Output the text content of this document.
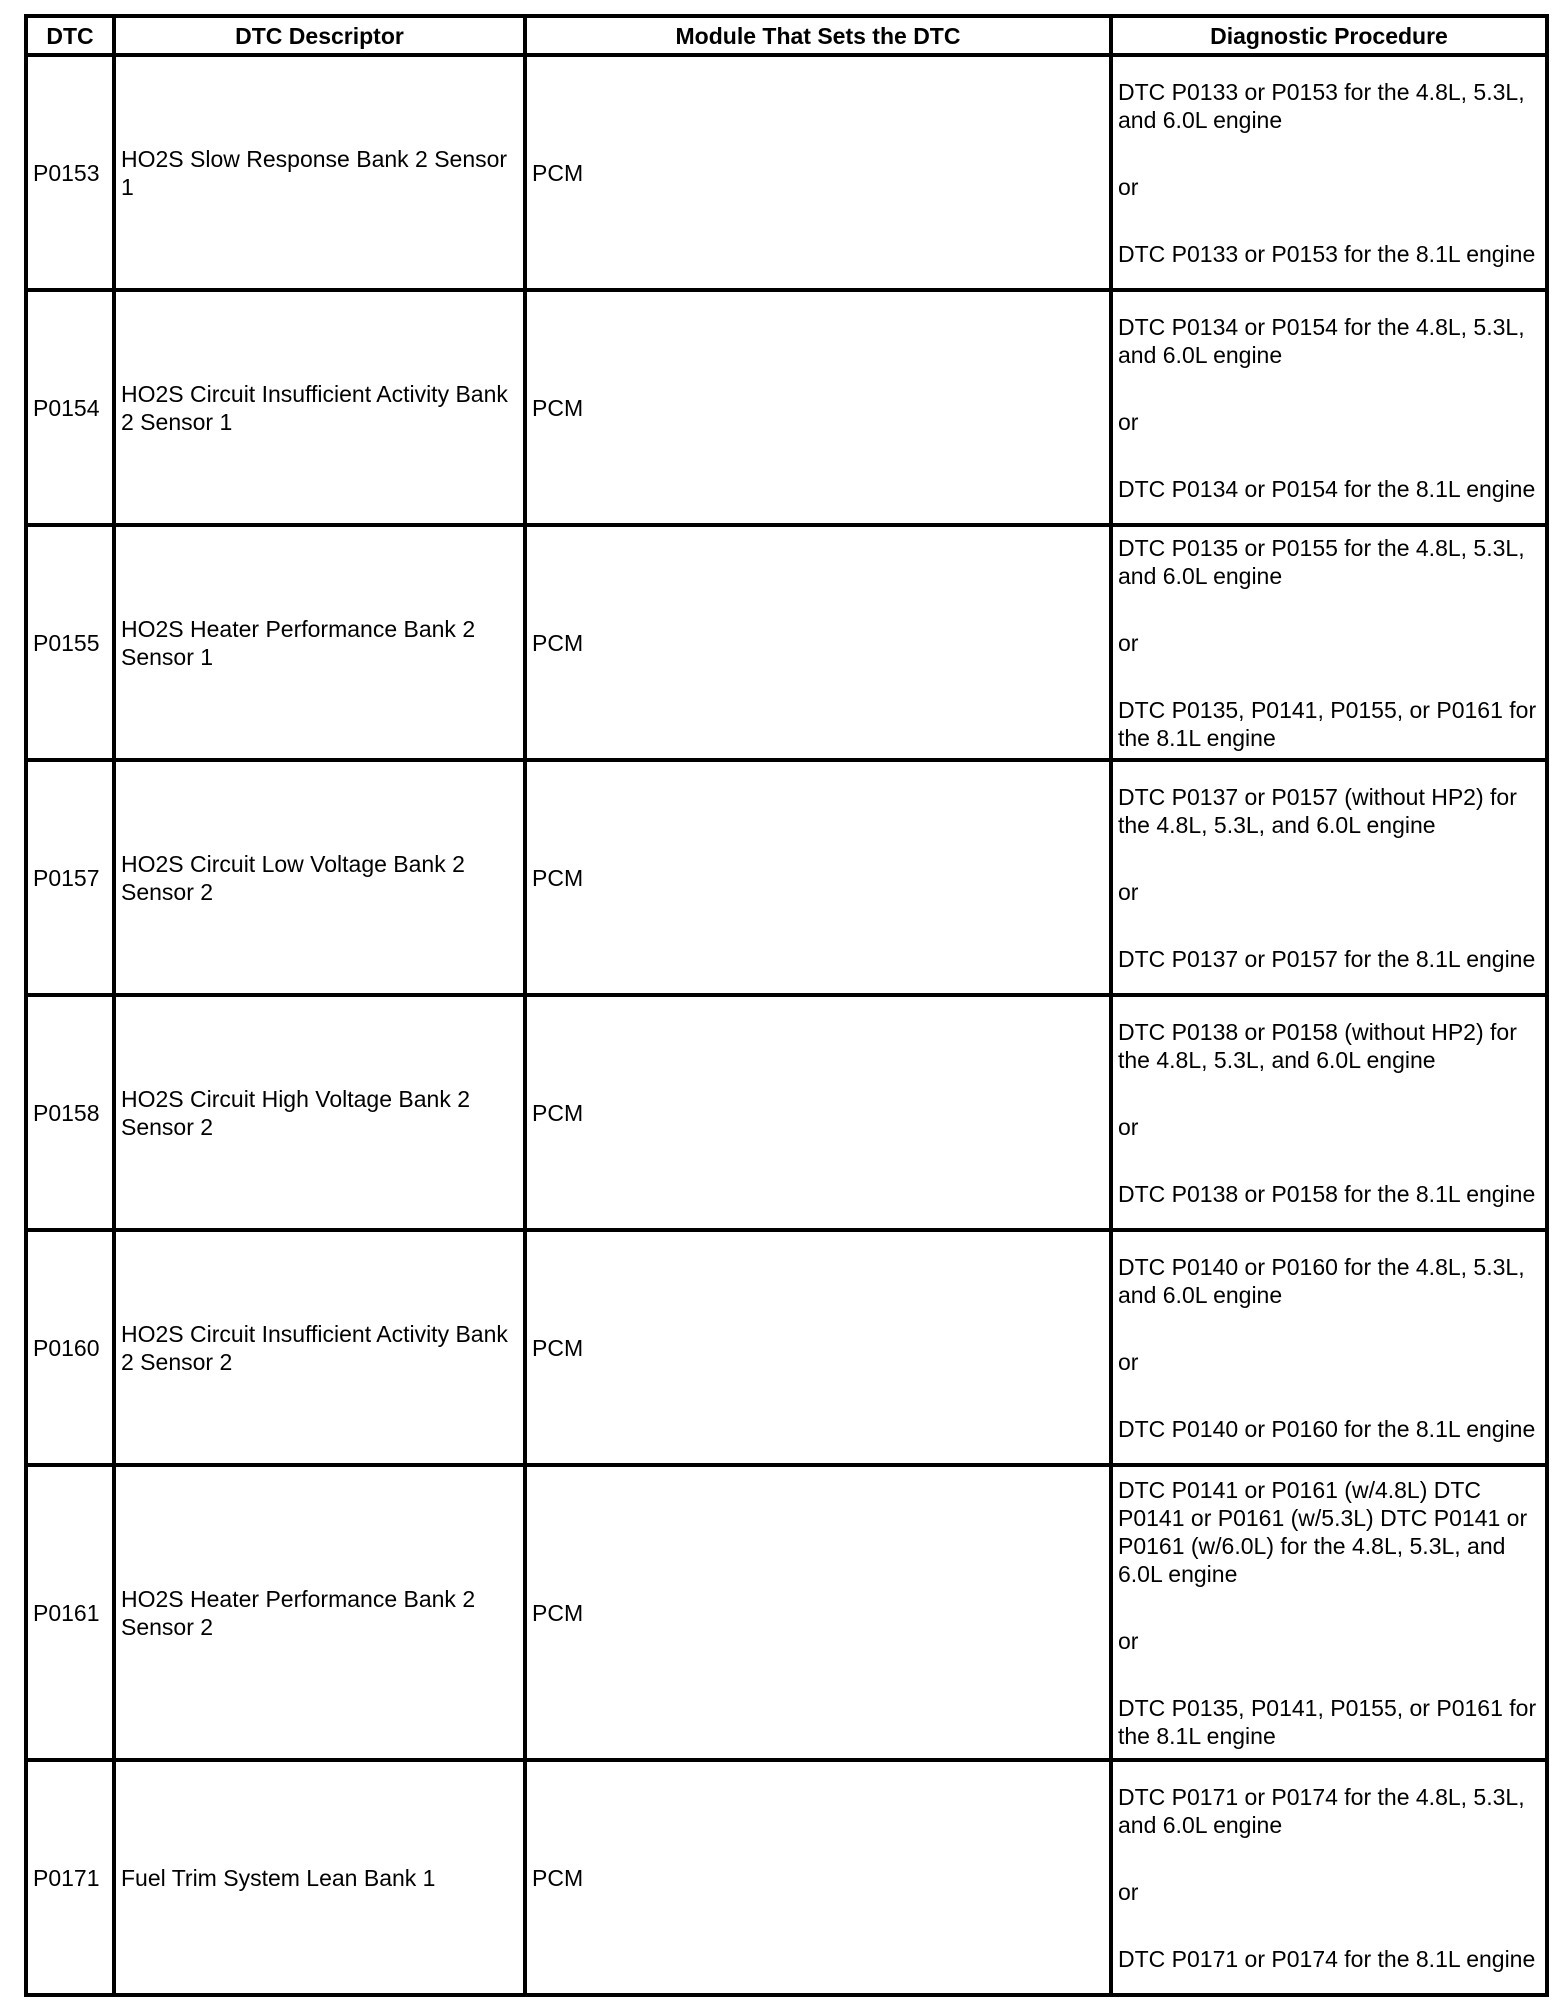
DTC	DTC Descriptor	Module That Sets the DTC	Diagnostic Procedure
P0153	HO2S Slow Response Bank 2 Sensor 1	PCM	DTC P0133 or P0153 for the 4.8L, 5.3L, and 6.0L engine
or
DTC P0133 or P0153 for the 8.1L engine

P0154	HO2S Circuit Insufficient Activity Bank 2 Sensor 1	PCM	DTC P0134 or P0154 for the 4.8L, 5.3L, and 6.0L engine
or
DTC P0134 or P0154 for the 8.1L engine

P0155	HO2S Heater Performance Bank 2 Sensor 1	PCM	DTC P0135 or P0155 for the 4.8L, 5.3L, and 6.0L engine
or
DTC P0135, P0141, P0155, or P0161 for the 8.1L engine

P0157	HO2S Circuit Low Voltage Bank 2 Sensor 2	PCM	DTC P0137 or P0157 (without HP2) for the 4.8L, 5.3L, and 6.0L engine
or
DTC P0137 or P0157 for the 8.1L engine

P0158	HO2S Circuit High Voltage Bank 2 Sensor 2	PCM	DTC P0138 or P0158 (without HP2) for the 4.8L, 5.3L, and 6.0L engine
or
DTC P0138 or P0158 for the 8.1L engine

P0160	HO2S Circuit Insufficient Activity Bank 2 Sensor 2	PCM	DTC P0140 or P0160 for the 4.8L, 5.3L, and 6.0L engine
or
DTC P0140 or P0160 for the 8.1L engine

P0161	HO2S Heater Performance Bank 2 Sensor 2	PCM	DTC P0141 or P0161 (w/4.8L) DTC P0141 or P0161 (w/5.3L) DTC P0141 or P0161 (w/6.0L) for the 4.8L, 5.3L, and 6.0L engine
or
DTC P0135, P0141, P0155, or P0161 for the 8.1L engine

P0171	Fuel Trim System Lean Bank 1	PCM	DTC P0171 or P0174 for the 4.8L, 5.3L, and 6.0L engine
or
DTC P0171 or P0174 for the 8.1L engine
